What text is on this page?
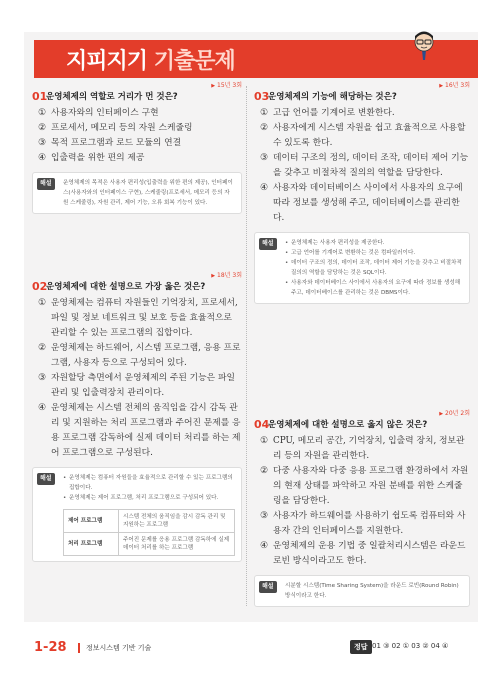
지피지기 기출문제
▶ 15년 3회
01
운영체제의 역할로 거리가 먼 것은?
① 사용자와의 인터페이스 구현
② 프로세서, 메모리 등의 자원 스케줄링
③ 목적 프로그램과 로드 모듈의 연결
④ 입출력을 위한 편의 제공
해설	운영체제의 목적은 사용자 편리성(입출력을 위한 편의 제공), 인터페이스(사용자와의 인터페이스 구현), 스케줄링(프로세서, 메모리 등의 자원 스케줄링), 자원 관리, 제어 기능, 오류 회복 기능이 있다.
▶ 18년 3회
02
운영체제에 대한 설명으로 가장 옳은 것은?
① 운영체제는 컴퓨터 자원들인 기억장치, 프로세서, 파일 및 정보 네트워크 및 보호 등을 효율적으로 관리할 수 있는 프로그램의 집합이다.
② 운영체제는 하드웨어, 시스템 프로그램, 응용 프로그램, 사용자 등으로 구성되어 있다.
③ 자원할당 측면에서 운영체제의 주된 기능은 파일 관리 및 입출력장치 관리이다.
④ 운영체제는 시스템 전체의 움직임을 감시 감독 관리 및 지원하는 처리 프로그램과 주어진 문제를 응용 프로그램 감독하에 실제 데이터 처리를 하는 제어 프로그램으로 구성된다.
해설	• 운영체제는 컴퓨터 자원들을 효율적으로 관리할 수 있는 프로그램의 집합이다.
• 운영체제는 제어 프로그램, 처리 프로그램으로 구성되어 있다.
제어 프로그램	시스템 전체의 움직임을 감시 감독 관리 및 지원하는 프로그램
처리 프로그램	주어진 문제를 응용 프로그램 감독하에 실제 데이터 처리를 하는 프로그램
▶ 16년 3회
03
운영체제의 기능에 해당하는 것은?
① 고급 언어를 기계어로 변환한다.
② 사용자에게 시스템 자원을 쉽고 효율적으로 사용할 수 있도록 한다.
③ 데이터 구조의 정의, 데이터 조작, 데이터 제어 기능을 갖추고 비절차적 질의의 역할을 담당한다.
④ 사용자와 데이터베이스 사이에서 사용자의 요구에 따라 정보를 생성해 주고, 데이터베이스를 관리한다.
해설	• 운영체제는 사용자 편리성을 제공한다.
• 고급 언어를 기계어로 변환하는 것은 컴파일러이다.
• 데이터 구조의 정의, 데이터 조작, 데이터 제어 기능을 갖추고 비절차적 질의의 역할을 담당하는 것은 SQL이다.
• 사용자와 데이터베이스 사이에서 사용자의 요구에 따라 정보를 생성해 주고, 데이터베이스를 관리하는 것은 DBMS이다.
▶ 20년 2회
04
운영체제에 대한 설명으로 옳지 않은 것은?
① CPU, 메모리 공간, 기억장치, 입출력 장치, 정보관리 등의 자원을 관리한다.
② 다중 사용자와 다중 응용 프로그램 환경하에서 자원의 현재 상태를 파악하고 자원 분배를 위한 스케줄링을 담당한다.
③ 사용자가 하드웨어를 사용하기 쉽도록 컴퓨터와 사용자 간의 인터페이스를 지원한다.
④ 운영체제의 운용 기법 중 일괄처리시스템은 라운드 로빈 방식이라고도 한다.
해설	시분할 시스템(Time Sharing System)을 라운드 로빈(Round Robin) 방식이라고 한다.
1-28	정보시스템 기반 기술	정답 01 ③ 02 ① 03 ② 04 ④
